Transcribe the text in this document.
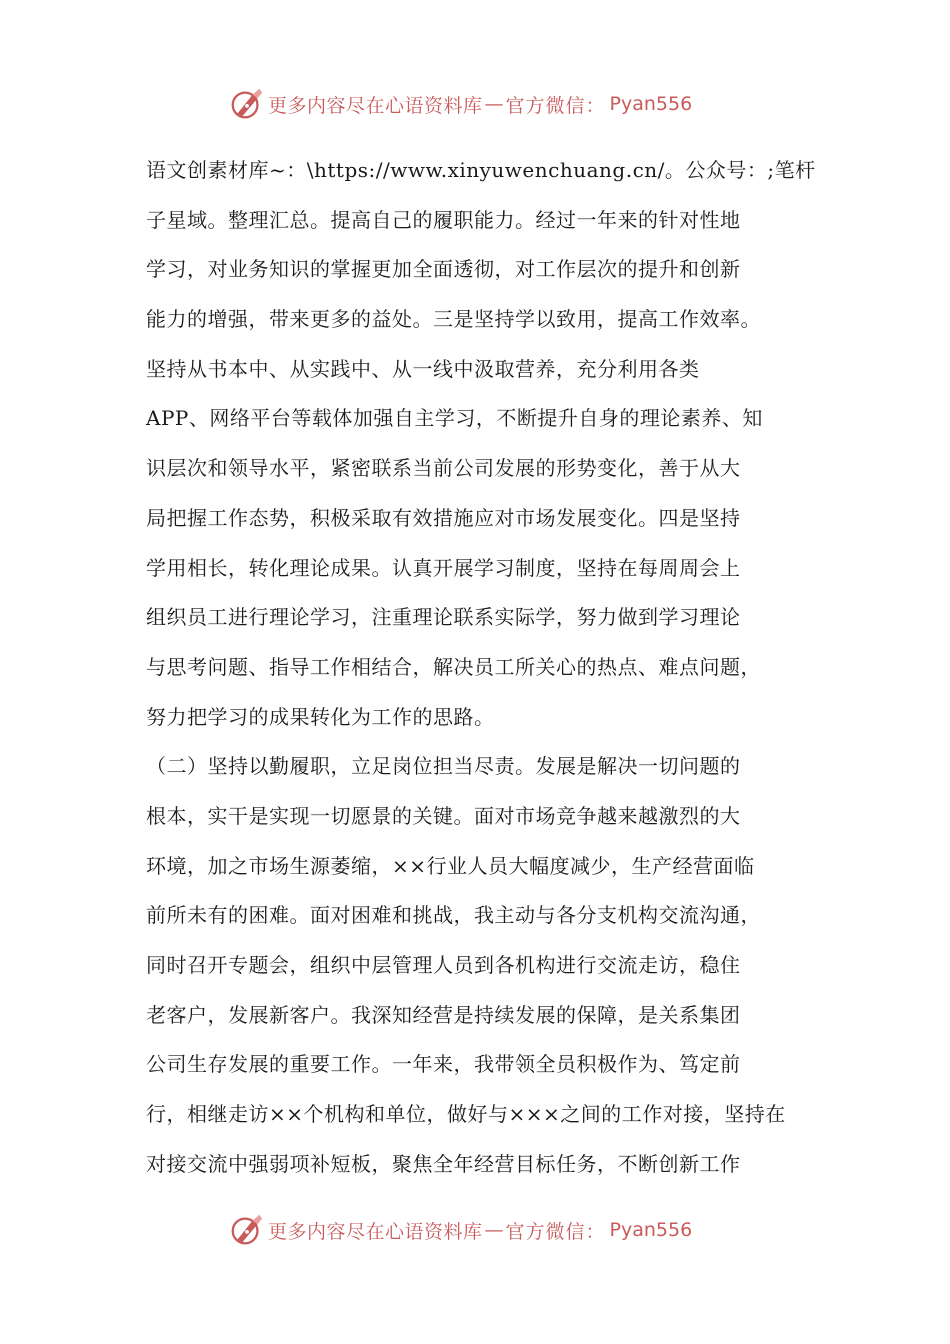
更多内容尽在心语资料库 — 官方微信： Pyan556
语文创素材库~：\https://www.xinyuwenchuang.cn/。公众号：;笔杆
子星域。整理汇总。提高自己的履职能力。经过一年来的针对性地
学习，对业务知识的掌握更加全面透彻，对工作层次的提升和创新
能力的增强，带来更多的益处。三是坚持学以致用，提高工作效率。
坚持从书本中、从实践中、从一线中汲取营养，充分利用各类
APP、网络平台等载体加强自主学习，不断提升自身的理论素养、知
识层次和领导水平，紧密联系当前公司发展的形势变化，善于从大
局把握工作态势，积极采取有效措施应对市场发展变化。四是坚持
学用相长，转化理论成果。认真开展学习制度，坚持在每周周会上
组织员工进行理论学习，注重理论联系实际学，努力做到学习理论
与思考问题、指导工作相结合，解决员工所关心的热点、难点问题，
努力把学习的成果转化为工作的思路。
（二）坚持以勤履职，立足岗位担当尽责。发展是解决一切问题的
根本，实干是实现一切愿景的关键。面对市场竞争越来越激烈的大
环境，加之市场生源萎缩，××行业人员大幅度减少，生产经营面临
前所未有的困难。面对困难和挑战，我主动与各分支机构交流沟通，
同时召开专题会，组织中层管理人员到各机构进行交流走访，稳住
老客户，发展新客户。我深知经营是持续发展的保障，是关系集团
公司生存发展的重要工作。一年来，我带领全员积极作为、笃定前
行，相继走访××个机构和单位，做好与×××之间的工作对接，坚持在
对接交流中强弱项补短板，聚焦全年经营目标任务，不断创新工作
更多内容尽在心语资料库 — 官方微信： Pyan556
